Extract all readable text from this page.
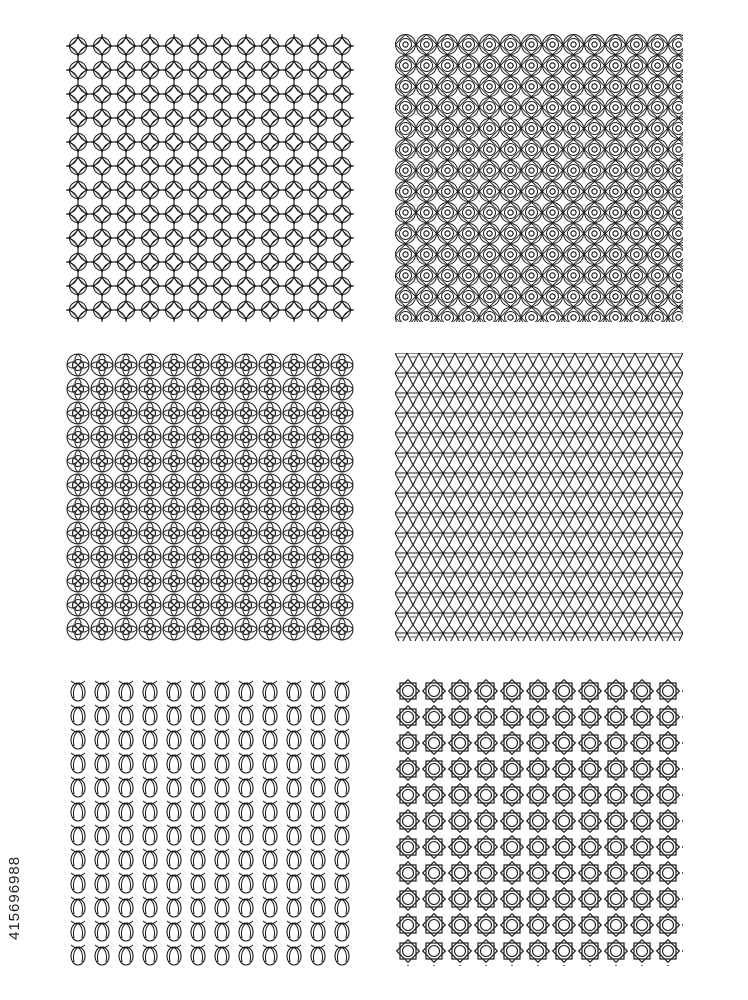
415696988
